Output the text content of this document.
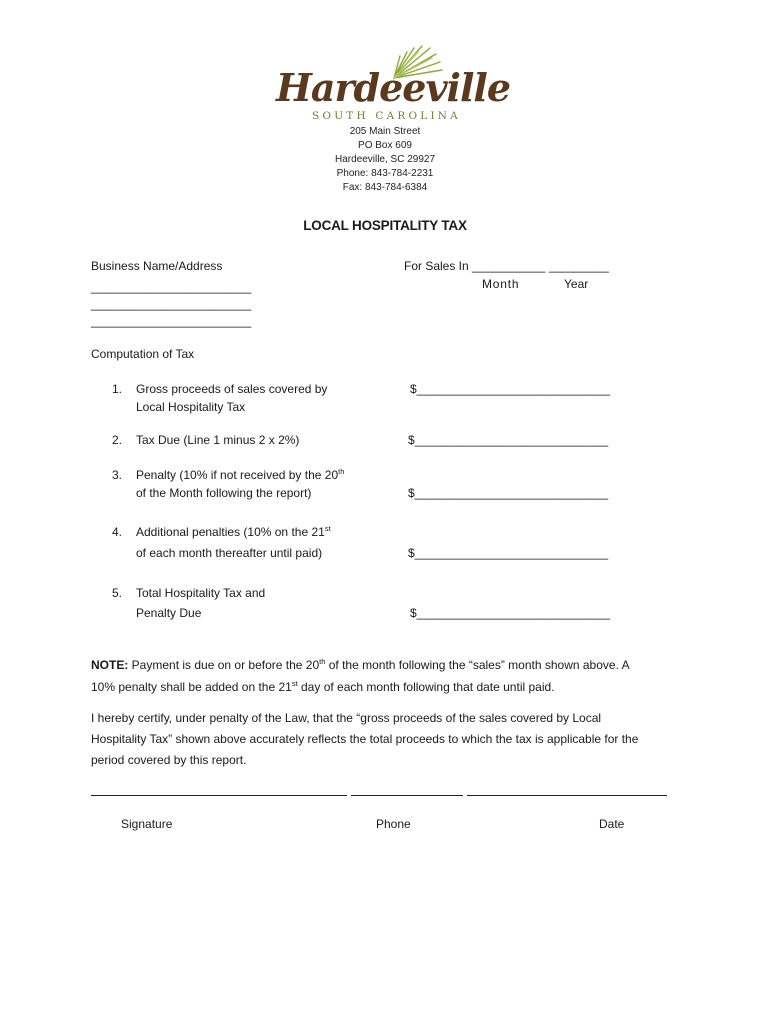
Hardeeville
SOUTH CAROLINA
205 Main Street
PO Box 609
Hardeeville, SC 29927
Phone: 843-784-2231
Fax: 843-784-6384
LOCAL HOSPITALITY TAX
Business Name/Address
________________________
________________________
________________________
For Sales In ___________ _________
Month	Year
Computation of Tax
1. Gross proceeds of sales covered by
Local Hospitality Tax
$_____________________________
2. Tax Due (Line 1 minus 2 x 2%)	$_____________________________
3. Penalty (10% if not received by the 20th
of the Month following the report)	$_____________________________
4. Additional penalties (10% on the 21st
of each month thereafter until paid)	$_____________________________
5. Total Hospitality Tax and
Penalty Due	$_____________________________
NOTE: Payment is due on or before the 20th of the month following the “sales” month shown above. A
10% penalty shall be added on the 21st day of each month following that date until paid.
I hereby certify, under penalty of the Law, that the “gross proceeds of the sales covered by Local
Hospitality Tax” shown above accurately reflects the total proceeds to which the tax is applicable for the
period covered by this report.
Signature	Phone	Date
